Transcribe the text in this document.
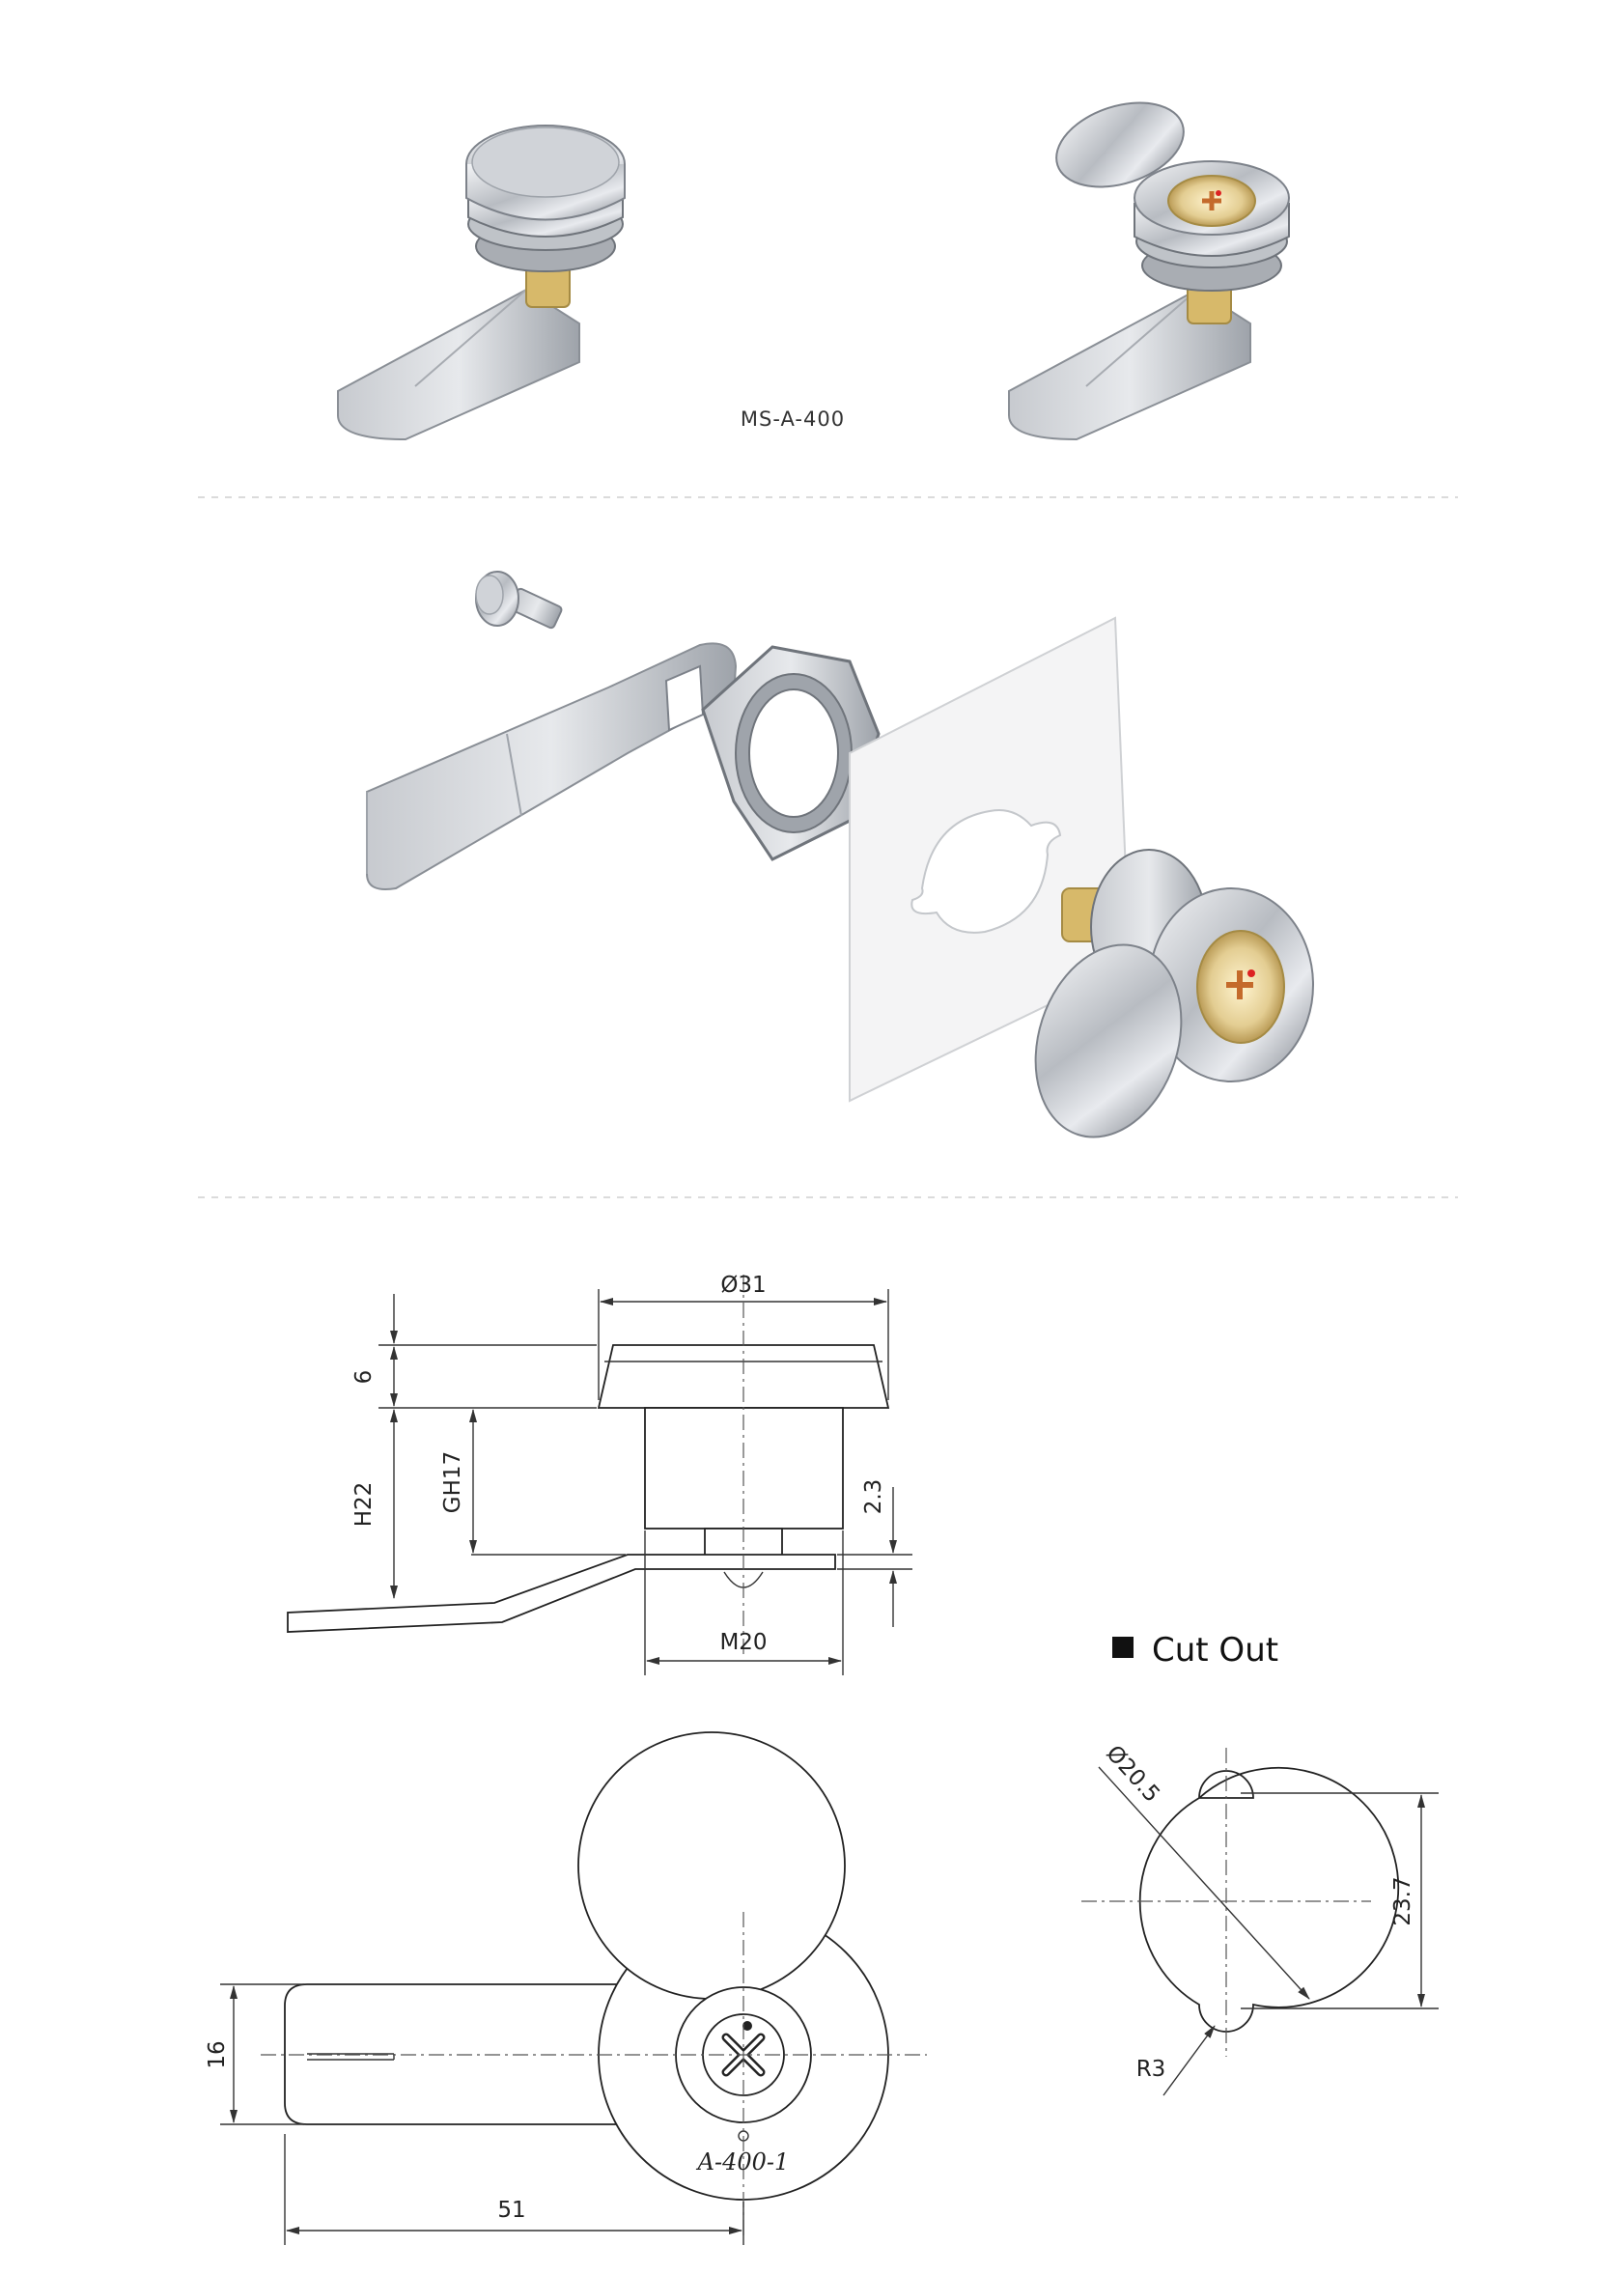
MS-A-400
Ø31
6
H22	GH17	2.3
M20
A-400-1
16
51
Cut Out
Ø20.5
23.7
R3
